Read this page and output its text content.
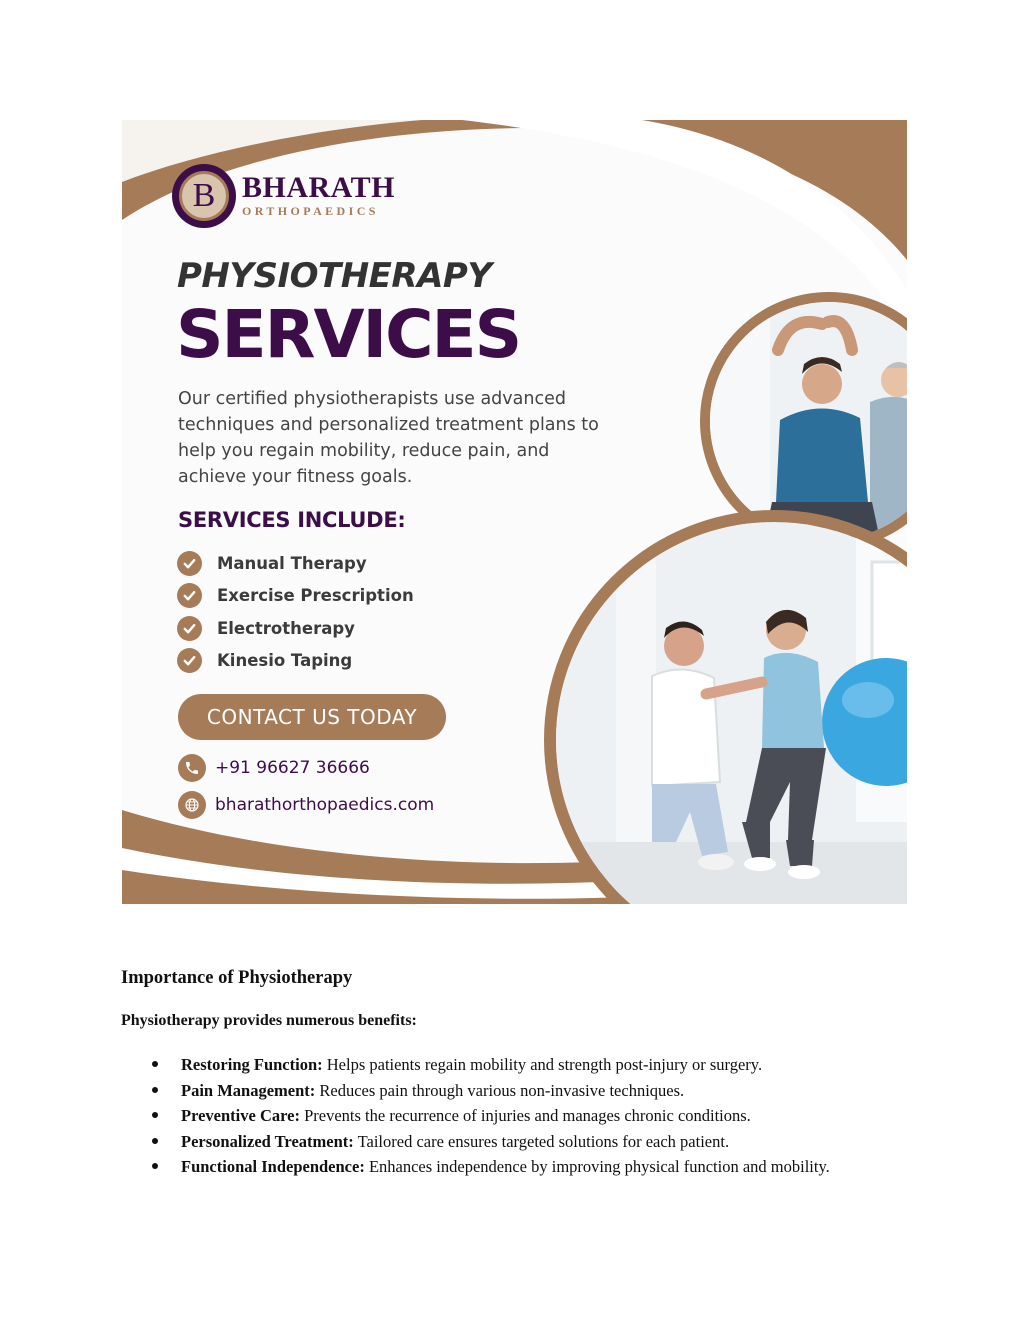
B BHARATH
ORTHOPAEDICS
PHYSIOTHERAPY
SERVICES

Our certified physiotherapists use advanced techniques and personalized treatment plans to help you regain mobility, reduce pain, and achieve your fitness goals.

SERVICES INCLUDE:
Manual Therapy
Exercise Prescription
Electrotherapy
Kinesio Taping
CONTACT US TODAY
+91 96627 36666
bharathorthopaedics.com
Importance of Physiotherapy

Physiotherapy provides numerous benefits:

Restoring Function: Helps patients regain mobility and strength post-injury or surgery.
Pain Management: Reduces pain through various non-invasive techniques.
Preventive Care: Prevents the recurrence of injuries and manages chronic conditions.
Personalized Treatment: Tailored care ensures targeted solutions for each patient.
Functional Independence: Enhances independence by improving physical function and mobility.
